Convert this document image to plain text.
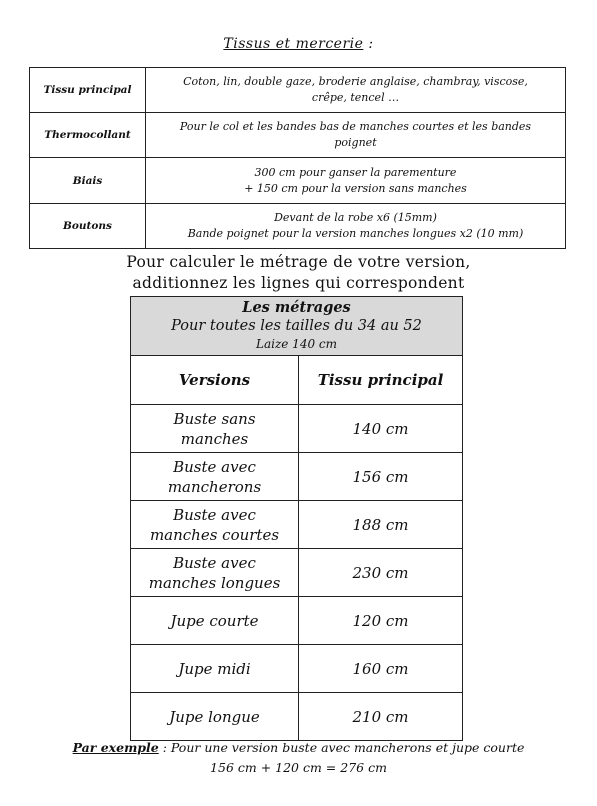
Tissus et mercerie :
Tissu principal	Coton, lin, double gaze, broderie anglaise, chambray, viscose,
crêpe, tencel …
Thermocollant	Pour le col et les bandes bas de manches courtes et les bandes
poignet
Biais	300 cm pour ganser la parementure
+ 150 cm pour la version sans manches
Boutons	Devant de la robe x6 (15mm)
Bande poignet pour la version manches longues x2 (10 mm)
Pour calculer le métrage de votre version,
additionnez les lignes qui correspondent
Les métrages
Pour toutes les tailles du 34 au 52
Laize 140 cm	

Versions	Tissu principal
Buste sans
manches	140 cm
Buste avec
mancherons	156 cm
Buste avec
manches courtes	188 cm
Buste avec
manches longues	230 cm
Jupe courte	120 cm
Jupe midi	160 cm
Jupe longue	210 cm
Par exemple : Pour une version buste avec mancherons et jupe courte
156 cm + 120 cm = 276 cm
